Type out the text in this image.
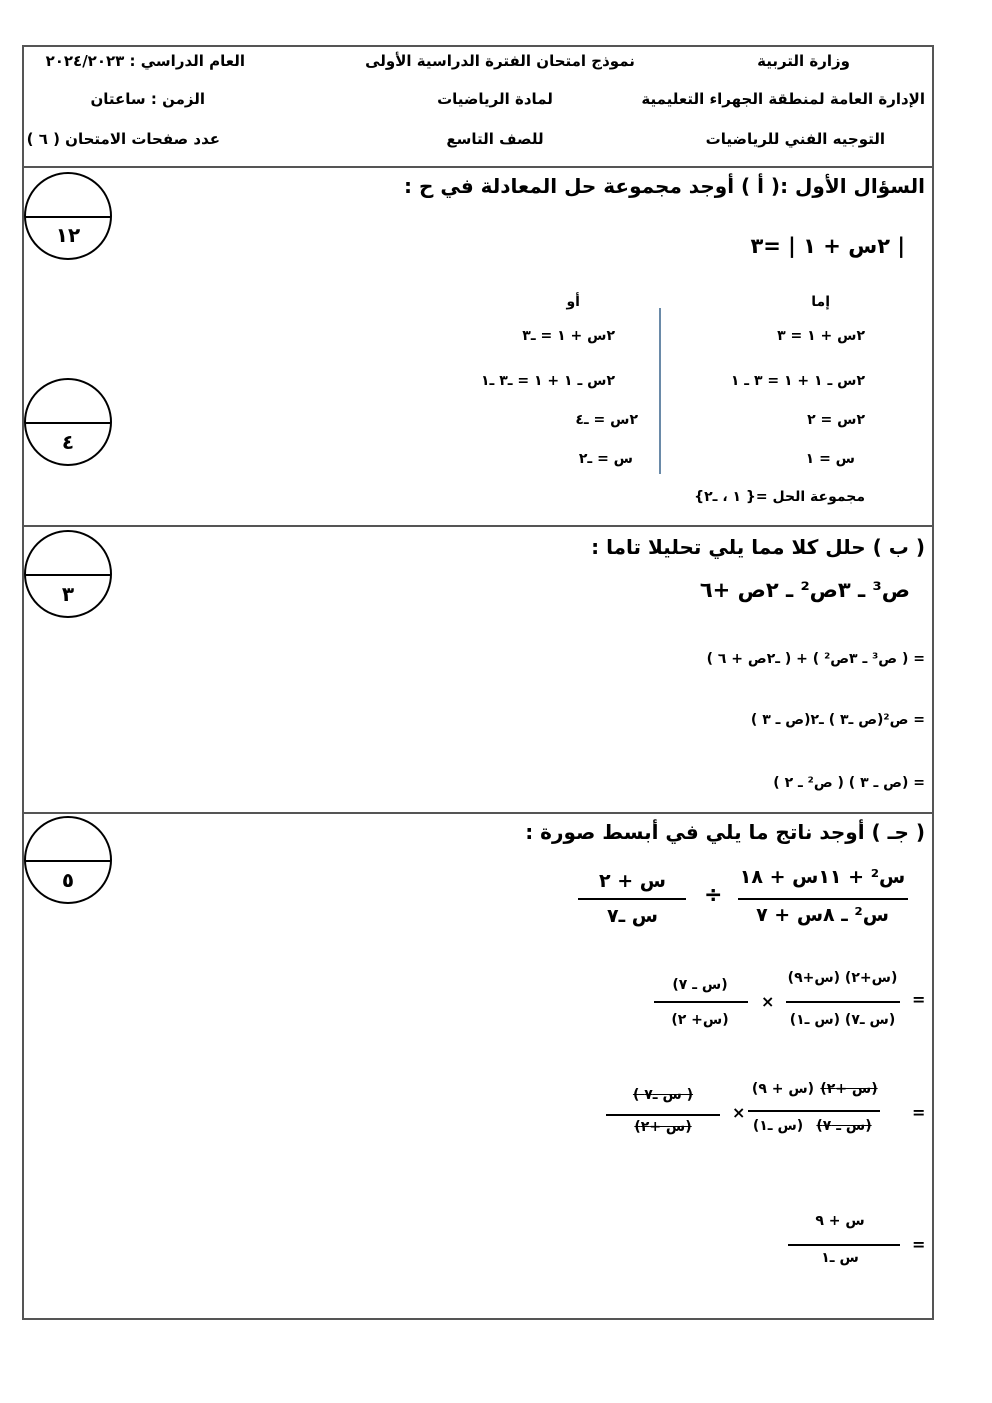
وزارة التربية
الإدارة العامة لمنطقة الجهراء التعليمية
التوجيه الفني للرياضيات
نموذج امتحان الفترة الدراسية الأولى
لمادة الرياضيات
للصف التاسع
العام الدراسي : ٢٠٢٤/٢٠٢٣
الزمن : ساعتان
عدد صفحات الامتحان ( ٦ )
السؤال الأول :( أ ) أوجد مجموعة حل المعادلة في ح :
| ٢س + ١ | =٣
١٢
٤
إما
أو
٢س + ١ = ٣
٢س ـ ١ + ١ = ٣ ـ ١
٢س = ٢
س = ١
٢س + ١ = ـ٣
٢س ـ ١ + ١ = ـ٣ ـ١
٢س = ـ٤
س = ـ٢
مجموعة الحل ={ ١ ، ـ٢}
( ب ) حلل كلا مما يلي تحليلا تاما :
ص³ ـ ٣ص² ـ ٢ص +٦
٣
= ( ص³ ـ ٣ص² ) + ( ـ٢ص + ٦ )
= ص²(ص ـ٣ ) ـ٢(ص ـ ٣ )
= (ص ـ ٣ ) ( ص² ـ ٢ )
( جـ ) أوجد ناتج ما يلي في أبسط صورة :
٥	س² + ١١س + ١٨
س² ـ ٨س + ٧
÷
س + ٢
س ـ٧
=
(س+٢) (س+٩)
(س ـ٧) (س ـ١)
×
(س ـ ٧)
(س+ ٢)
=
(س +٢)
(س + ٩)
(س ـ ٧)
(س ـ١)
×
( س ـ٧ )
(س +٢)
=
س + ٩
س ـ١
